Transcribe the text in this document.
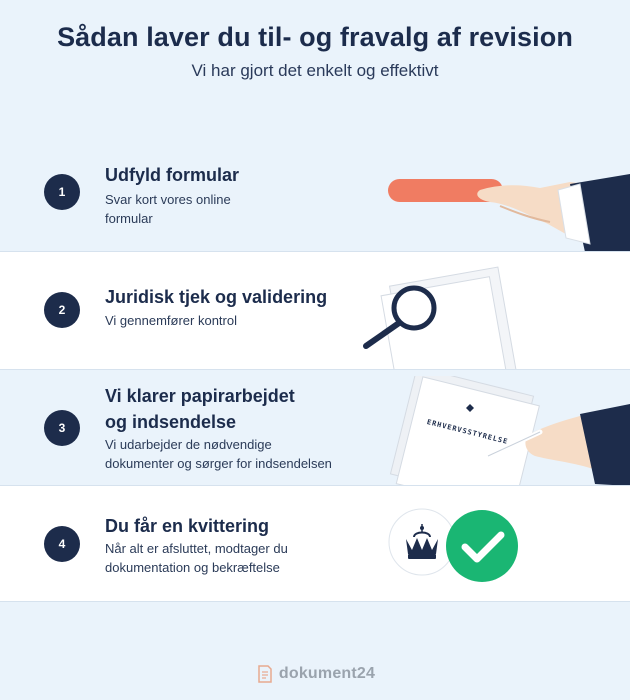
Sådan laver du til- og fravalg af revision
Vi har gjort det enkelt og effektivt
1
Udfyld formular
Svar kort vores online formular
2
Juridisk tjek og validering
Vi gennemfører kontrol
3
Vi klarer papirarbejdet
og indsendelse
Vi udarbejder de nødvendige
dokumenter og sørger for indsendelsen
ERHVERVSSTYRELSE
4
Du får en kvittering
Når alt er afsluttet, modtager du
dokumentation og bekræftelse
dokument24
